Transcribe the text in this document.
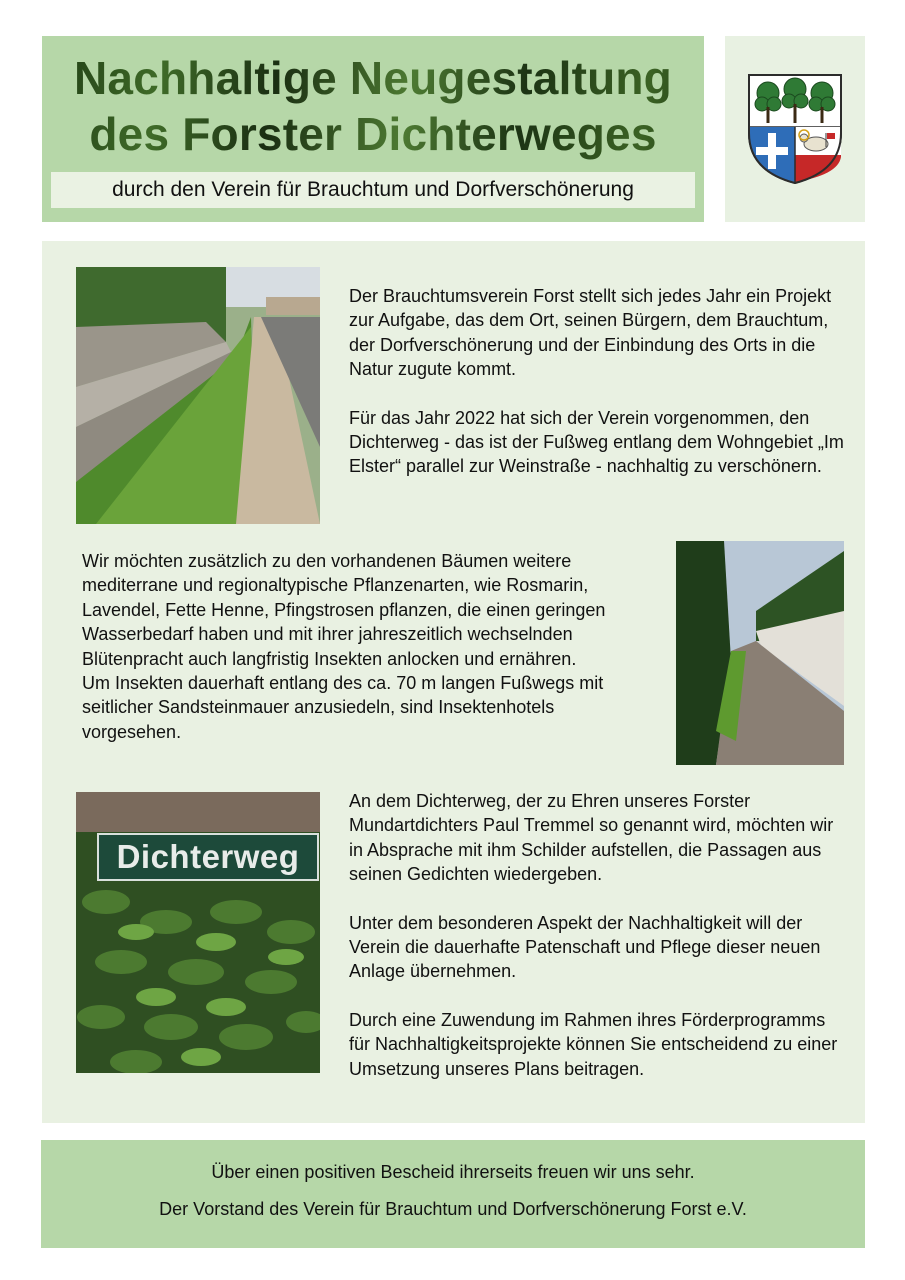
Nachhaltige Neugestaltung
des Forster Dichterweges
durch den Verein für Brauchtum und Dorfverschönerung

Der Brauchtumsverein Forst stellt sich jedes Jahr ein Projekt zur Aufgabe, das dem Ort, seinen Bürgern, dem Brauchtum, der Dorfverschönerung und der Einbindung des Orts in die Natur zugute kommt.

Für das Jahr 2022 hat sich der Verein vorgenommen, den Dichterweg - das ist der Fußweg entlang dem Wohngebiet „Im Elster“ parallel zur Weinstraße - nachhaltig zu verschönern.

Wir möchten zusätzlich zu den vorhandenen Bäumen weitere mediterrane und regionaltypische Pflanzenarten, wie Rosmarin, Lavendel, Fette Henne, Pfingstrosen pflanzen, die einen geringen Wasserbedarf haben und mit ihrer jahreszeitlich wechselnden Blütenpracht auch langfristig Insekten anlocken und ernähren.

Um Insekten dauerhaft entlang des ca. 70 m langen Fußwegs mit seitlicher Sandsteinmauer anzusiedeln, sind Insektenhotels vorgesehen.

Dichterweg

An dem Dichterweg, der zu Ehren unseres Forster Mundartdichters Paul Tremmel so genannt wird, möchten wir in Absprache mit ihm Schilder aufstellen, die Passagen aus seinen Gedichten wiedergeben.

Unter dem besonderen Aspekt der Nachhaltigkeit will der Verein die dauerhafte Patenschaft und Pflege dieser neuen Anlage übernehmen.

Durch eine Zuwendung im Rahmen ihres Förderprogramms für Nachhaltigkeitsprojekte können Sie entscheidend zu einer Umsetzung unseres Plans beitragen.

Über einen positiven Bescheid ihrerseits freuen wir uns sehr.
Der Vorstand des Verein für Brauchtum und Dorfverschönerung Forst e.V.
